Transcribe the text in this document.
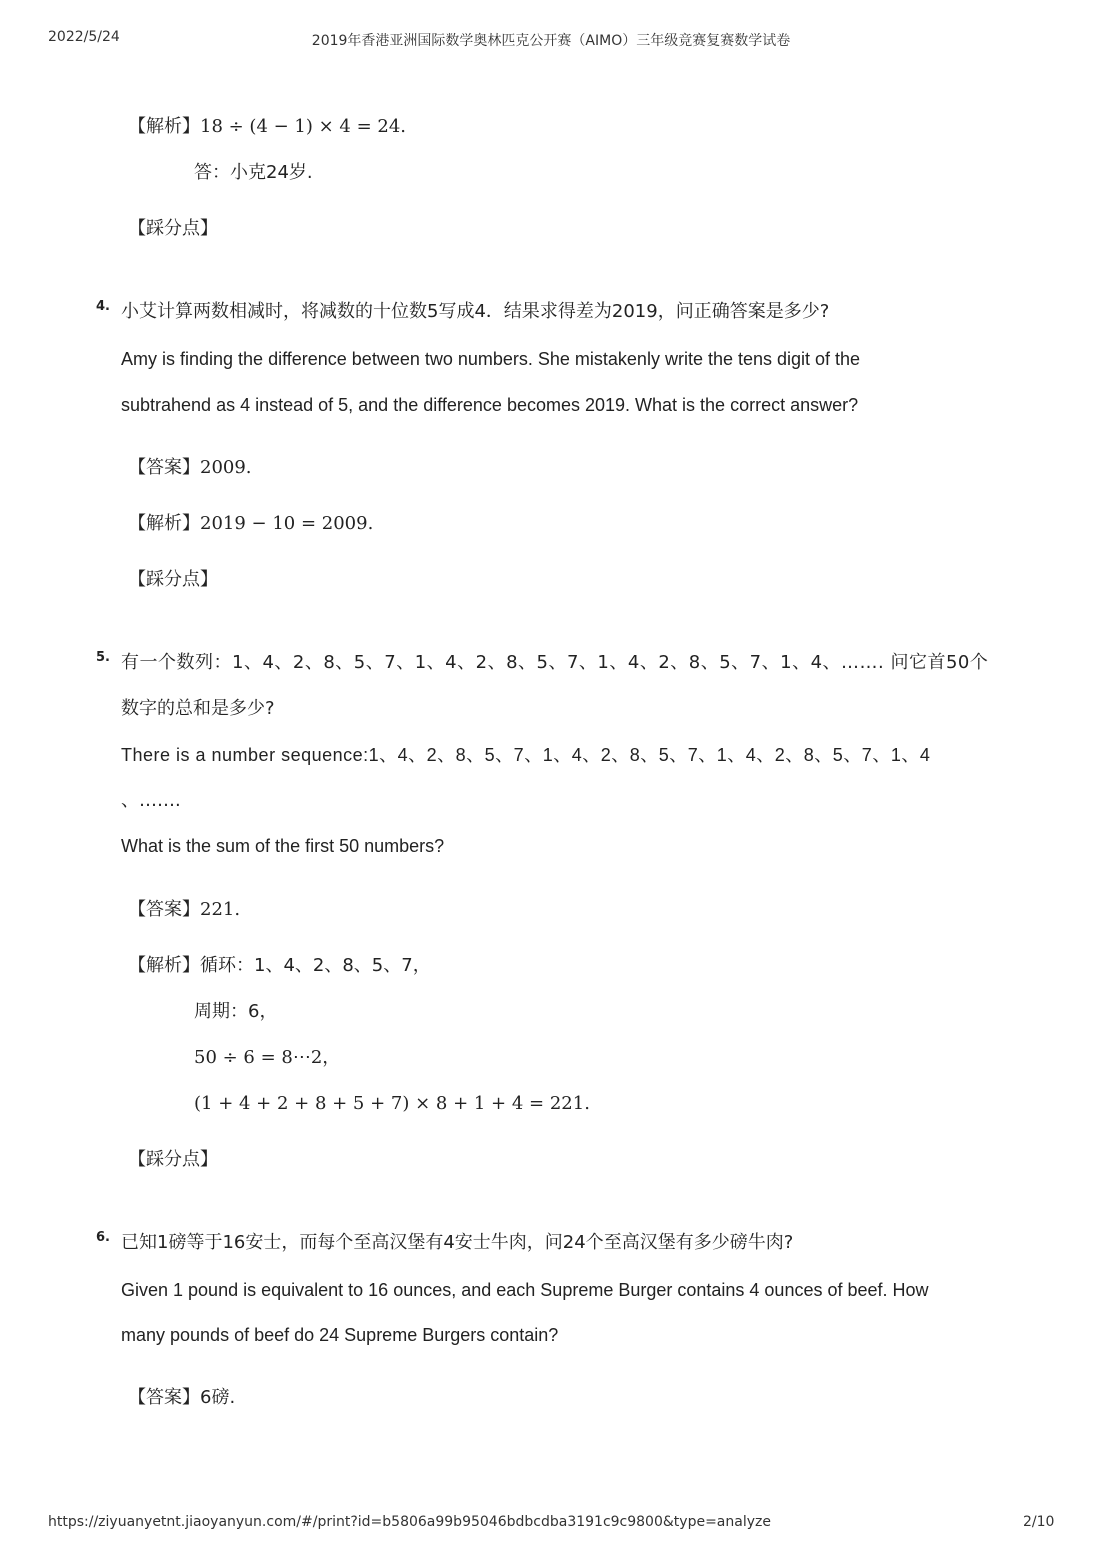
2022/5/24	2019年香港亚洲国际数学奥林匹克公开赛（AIMO）三年级竞赛复赛数学试卷
【解析】18 ÷ (4 − 1) × 4 = 24.
答：小克24岁.
【踩分点】
4. 小艾计算两数相减时，将减数的十位数5写成4．结果求得差为2019，问正确答案是多少?
Amy is finding the difference between two numbers. She mistakenly write the tens digit of the
subtrahend as 4 instead of 5, and the difference becomes 2019. What is the correct answer?
【答案】2009.
【解析】2019 − 10 = 2009.
【踩分点】
5. 有一个数列：1、4、2、8、5、7、1、4、2、8、5、7、1、4、2、8、5、7、1、4、……. 问它首50个
数字的总和是多少?
There is a number sequence:1、4、2、8、5、7、1、4、2、8、5、7、1、4、2、8、5、7、1、4
、…….
What is the sum of the first 50 numbers?
【答案】221.
【解析】循环：1、4、2、8、5、7，
周期：6，
50 ÷ 6 = 8⋯2，
(1 + 4 + 2 + 8 + 5 + 7) × 8 + 1 + 4 = 221.
【踩分点】
6. 已知1磅等于16安士，而每个至高汉堡有4安士牛肉，问24个至高汉堡有多少磅牛肉?
Given 1 pound is equivalent to 16 ounces, and each Supreme Burger contains 4 ounces of beef. How
many pounds of beef do 24 Supreme Burgers contain?
【答案】6磅.
https://ziyuanyetnt.jiaoyanyun.com/#/print?id=b5806a99b95046bdbcdba3191c9c9800&type=analyze	2/10
